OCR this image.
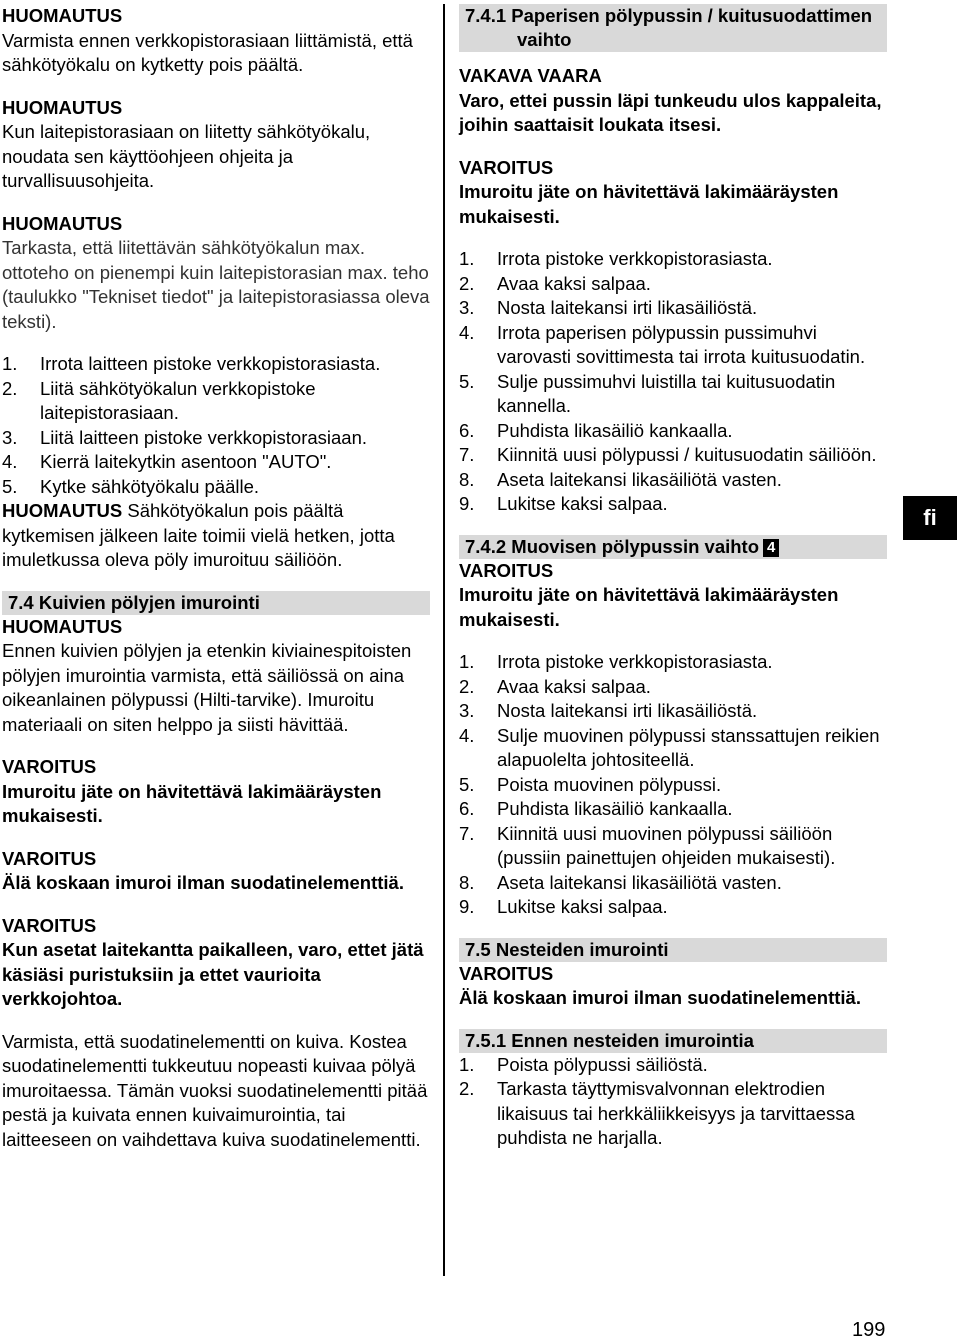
HUOMAUTUS

Varmista ennen verkkopistorasiaan liittämistä, että sähkötyökalu on kytketty pois päältä.

HUOMAUTUS

Kun laitepistorasiaan on liitetty sähkötyökalu, noudata sen käyttöohjeen ohjeita ja turvallisuusohjeita.

HUOMAUTUS

Tarkasta, että liitettävän sähkötyökalun max. ottoteho on pienempi kuin laitepistorasian max. teho (taulukko "Tekniset tiedot" ja laitepistorasiassa oleva teksti).

1. Irrota laitteen pistoke verkkopistorasiasta.
2. Liitä sähkötyökalun verkkopistoke laitepistorasiaan.
3. Liitä laitteen pistoke verkkopistorasiaan.
4. Kierrä laitekytkin asentoon "AUTO".
5. Kytke sähkötyökalu päälle.

HUOMAUTUS Sähkötyökalun pois päältä kytkemisen jälkeen laite toimii vielä hetken, jotta imuletkussa oleva pöly imuroituu säiliöön.

7.4 Kuivien pölyjen imurointi
HUOMAUTUS

Ennen kuivien pölyjen ja etenkin kiviainespitoisten pölyjen imurointia varmista, että säiliössä on aina oikeanlainen pölypussi (Hilti-tarvike). Imuroitu materiaali on siten helppo ja siisti hävittää.

VAROITUS

Imuroitu jäte on hävitettävä lakimääräysten mukaisesti.

VAROITUS

Älä koskaan imuroi ilman suodatinelementtiä.

VAROITUS

Kun asetat laitekantta paikalleen, varo, ettet jätä käsiäsi puristuksiin ja ettet vaurioita verkkojohtoa.

Varmista, että suodatinelementti on kuiva. Kostea suodatinelementti tukkeutuu nopeasti kuivaa pölyä imuroitaessa. Tämän vuoksi suodatinelementti pitää pestä ja kuivata ennen kuivaimurointia, tai laitteeseen on vaihdettava kuiva suodatinelementti.

7.4.1 Paperisen pölypussin / kuitusuodattimen vaihto
VAKAVA VAARA

Varo, ettei pussin läpi tunkeudu ulos kappaleita, joihin saattaisit loukata itsesi.

VAROITUS

Imuroitu jäte on hävitettävä lakimääräysten mukaisesti.

1. Irrota pistoke verkkopistorasiasta.
2. Avaa kaksi salpaa.
3. Nosta laitekansi irti likasäiliöstä.
4. Irrota paperisen pölypussin pussimuhvi varovasti sovittimesta tai irrota kuitusuodatin.
5. Sulje pussimuhvi luistilla tai kuitusuodatin kannella.
6. Puhdista likasäiliö kankaalla.
7. Kiinnitä uusi pölypussi / kuitusuodatin säiliöön.
8. Aseta laitekansi likasäiliötä vasten.
9. Lukitse kaksi salpaa.
7.4.2 Muovisen pölypussin vaihto 4
VAROITUS

Imuroitu jäte on hävitettävä lakimääräysten mukaisesti.

1. Irrota pistoke verkkopistorasiasta.
2. Avaa kaksi salpaa.
3. Nosta laitekansi irti likasäiliöstä.
4. Sulje muovinen pölypussi stanssattujen reikien alapuolelta johtositeellä.
5. Poista muovinen pölypussi.
6. Puhdista likasäiliö kankaalla.
7. Kiinnitä uusi muovinen pölypussi säiliöön (pussiin painettujen ohjeiden mukaisesti).
8. Aseta laitekansi likasäiliötä vasten.
9. Lukitse kaksi salpaa.
7.5 Nesteiden imurointi
VAROITUS

Älä koskaan imuroi ilman suodatinelementtiä.

7.5.1 Ennen nesteiden imurointia
1. Poista pölypussi säiliöstä.
2. Tarkasta täyttymisvalvonnan elektrodien likaisuus tai herkkäliikkeisyys ja tarvittaessa puhdista ne harjalla.
fi
199
